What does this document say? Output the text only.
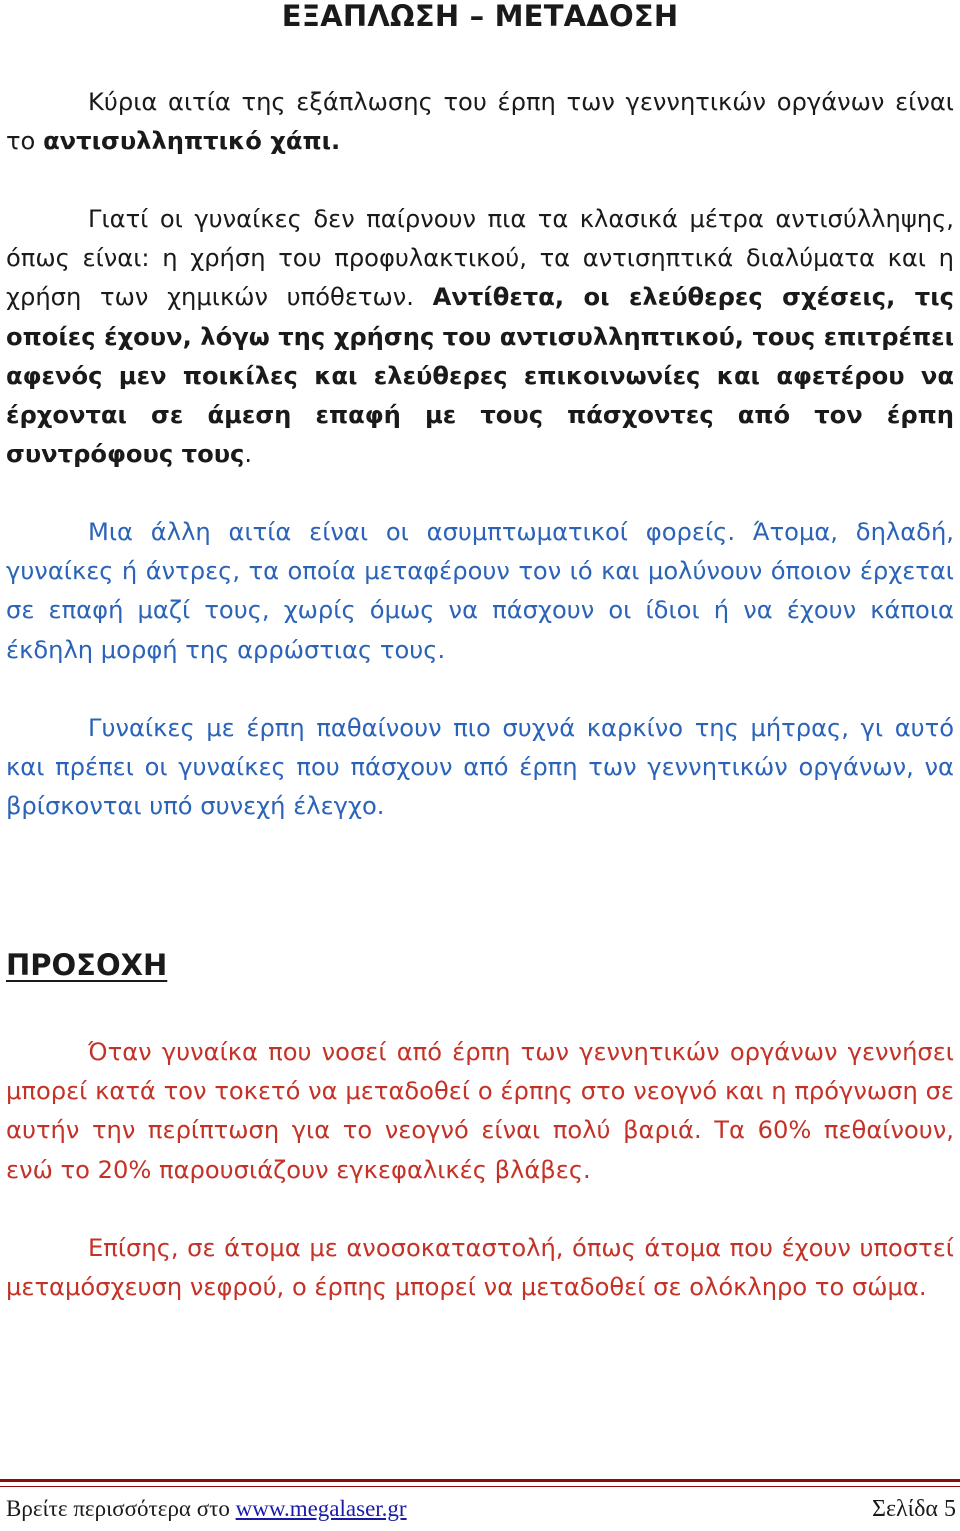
ΕΞΑΠΛΩΣΗ – ΜΕΤΑΔΟΣΗ

Κύρια αιτία της εξάπλωσης του έρπη των γεννητικών οργάνων είναι το αντισυλληπτικό χάπι.

Γιατί οι γυναίκες δεν παίρνουν πια τα κλασικά μέτρα αντισύλληψης, όπως είναι: η χρήση του προφυλακτικού, τα αντισηπτικά διαλύματα και η χρήση των χημικών υπόθετων. Αντίθετα, οι ελεύθερες σχέσεις, τις οποίες έχουν, λόγω της χρήσης του αντισυλληπτικού, τους επιτρέπει αφενός μεν ποικίλες και ελεύθερες επικοινωνίες και αφετέρου να έρχονται σε άμεση επαφή με τους πάσχοντες από τον έρπη συντρόφους τους.

Μια άλλη αιτία είναι οι ασυμπτωματικοί φορείς. Άτομα, δηλαδή, γυναίκες ή άντρες, τα οποία μεταφέρουν τον ιό και μολύνουν όποιον έρχεται σε επαφή μαζί τους, χωρίς όμως να πάσχουν οι ίδιοι ή να έχουν κάποια έκδηλη μορφή της αρρώστιας τους.

Γυναίκες με έρπη παθαίνουν πιο συχνά καρκίνο της μήτρας, γι αυτό και πρέπει οι γυναίκες που πάσχουν από έρπη των γεννητικών οργάνων, να βρίσκονται υπό συνεχή έλεγχο.

ΠΡΟΣΟΧΗ

Όταν γυναίκα που νοσεί από έρπη των γεννητικών οργάνων γεννήσει μπορεί κατά τον τοκετό να μεταδοθεί ο έρπης στο νεογνό και η πρόγνωση σε αυτήν την περίπτωση για το νεογνό είναι πολύ βαριά. Τα 60% πεθαίνουν, ενώ το 20% παρουσιάζουν εγκεφαλικές βλάβες.

Επίσης, σε άτομα με ανοσοκαταστολή, όπως άτομα που έχουν υποστεί μεταμόσχευση νεφρού, ο έρπης μπορεί να μεταδοθεί σε ολόκληρο το σώμα.

Βρείτε περισσότερα στο www.megalaser.gr	Σελίδα 5
